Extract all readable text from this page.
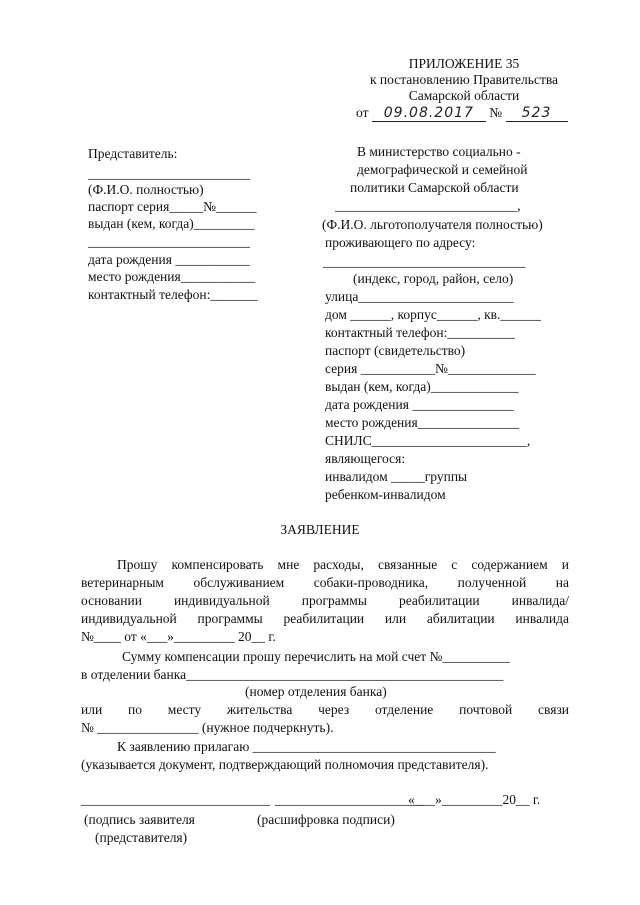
ПРИЛОЖЕНИЕ 35
к постановлению Правительства
Самарской области
от 09.08.2017 № 523
Представитель:
________________________
(Ф.И.О. полностью)
паспорт серия_____№______
выдан (кем, когда)_________
________________________
дата рождения ___________
место рождения___________
контактный телефон:_______
В министерство социально -
демографической и семейной
политики Самарской области
___________________________,
(Ф.И.О. льготополучателя полностью)
проживающего по адресу:
______________________________
(индекс, город, район, село)
улица_______________________
дом ______, корпус______, кв.______
контактный телефон:__________
паспорт (свидетельство)
серия ___________№_____________
выдан (кем, когда)_____________
дата рождения _______________
место рождения_______________
СНИЛС_______________________,
являющегося:
инвалидом _____группы
ребенком-инвалидом
ЗАЯВЛЕНИЕ
Прошу компенсировать мне расходы, связанные с содержанием и
ветеринарным обслуживанием собаки-проводника, полученной на
основании индивидуальной программы реабилитации инвалида/
индивидуальной программы реабилитации или абилитации инвалида
№____ от «___»_________ 20__ г.
Сумму компенсации прошу перечислить на мой счет №__________
в отделении банка_______________________________________________
(номер отделения банка)
или по месту жительства через отделение почтовой связи
№ _______________ (нужное подчеркнуть).
К заявлению прилагаю ____________________________________
(указывается документ, подтверждающий полномочия представителя).
____________________________ ______________________
«___»_________20__ г.
(подпись заявителя	(расшифровка подписи)
(представителя)
